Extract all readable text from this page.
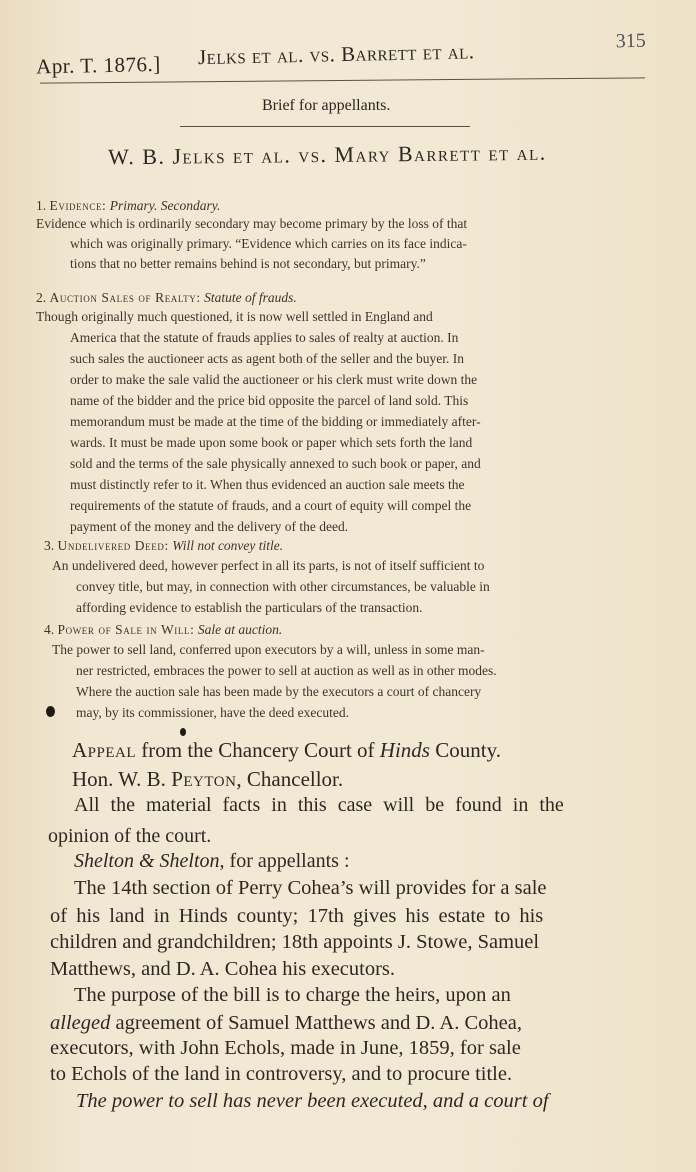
Apr. T. 1876.] Jelks et al. vs. Barrett et al.	315
Brief for appellants.
W. B. Jelks et al. vs. Mary Barrett et al.
1. Evidence: Primary. Secondary.
Evidence which is ordinarily secondary may become primary by the loss of that
which was originally primary. “Evidence which carries on its face indica-
tions that no better remains behind is not secondary, but primary.”
2. Auction Sales of Realty: Statute of frauds.
Though originally much questioned, it is now well settled in England and
America that the statute of frauds applies to sales of realty at auction. In
such sales the auctioneer acts as agent both of the seller and the buyer. In
order to make the sale valid the auctioneer or his clerk must write down the
name of the bidder and the price bid opposite the parcel of land sold. This
memorandum must be made at the time of the bidding or immediately after-
wards. It must be made upon some book or paper which sets forth the land
sold and the terms of the sale physically annexed to such book or paper, and
must distinctly refer to it. When thus evidenced an auction sale meets the
requirements of the statute of frauds, and a court of equity will compel the
payment of the money and the delivery of the deed.
3. Undelivered Deed: Will not convey title.
An undelivered deed, however perfect in all its parts, is not of itself sufficient to
convey title, but may, in connection with other circumstances, be valuable in
affording evidence to establish the particulars of the transaction.
4. Power of Sale in Will: Sale at auction.
The power to sell land, conferred upon executors by a will, unless in some man-
ner restricted, embraces the power to sell at auction as well as in other modes.
Where the auction sale has been made by the executors a court of chancery
may, by its commissioner, have the deed executed.
Appeal from the Chancery Court of Hinds County.
Hon. W. B. Peyton, Chancellor.
All the material facts in this case will be found in the
opinion of the court.
Shelton & Shelton, for appellants :
The 14th section of Perry Cohea’s will provides for a sale
of his land in Hinds county; 17th gives his estate to his
children and grandchildren; 18th appoints J. Stowe, Samuel
Matthews, and D. A. Cohea his executors.
The purpose of the bill is to charge the heirs, upon an
alleged agreement of Samuel Matthews and D. A. Cohea,
executors, with John Echols, made in June, 1859, for sale
to Echols of the land in controversy, and to procure title.
The power to sell has never been executed, and a court of
